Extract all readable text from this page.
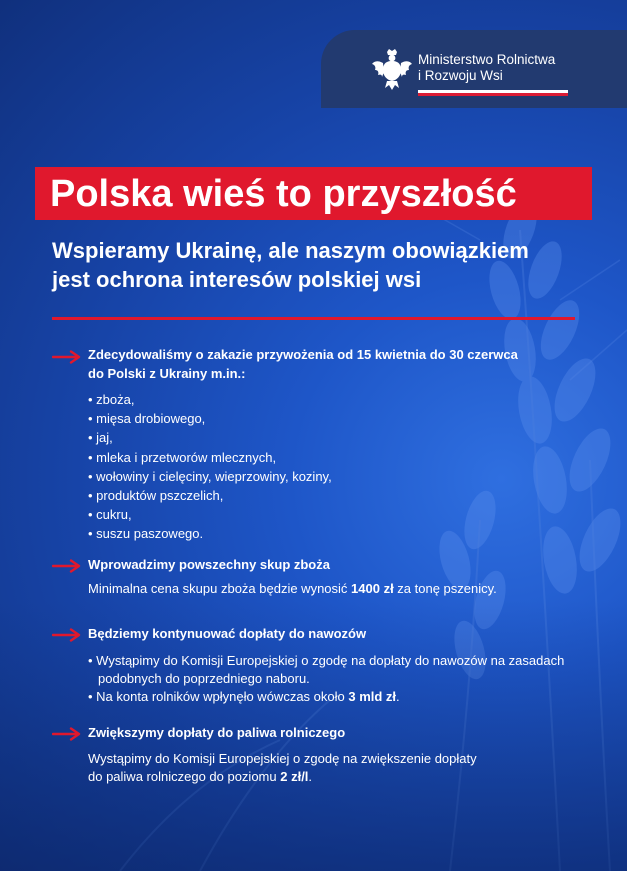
Ministerstwo Rolnictwa
i Rozwoju Wsi
Polska wieś to przyszłość
Wspieramy Ukrainę, ale naszym obowiązkiem
jest ochrona interesów polskiej wsi
Zdecydowaliśmy o zakazie przywożenia od 15 kwietnia do 30 czerwca
do Polski z Ukrainy m.in.:
• zboża,
• mięsa drobiowego,
• jaj,
• mleka i przetworów mlecznych,
• wołowiny i cielęciny, wieprzowiny, koziny,
• produktów pszczelich,
• cukru,
• suszu paszowego.
Wprowadzimy powszechny skup zboża
Minimalna cena skupu zboża będzie wynosić 1400 zł za tonę pszenicy.
Będziemy kontynuować dopłaty do nawozów
• Wystąpimy do Komisji Europejskiej o zgodę na dopłaty do nawozów na zasadach podobnych do poprzedniego naboru.
• Na konta rolników wpłynęło wówczas około 3 mld zł.
Zwiększymy dopłaty do paliwa rolniczego
Wystąpimy do Komisji Europejskiej o zgodę na zwiększenie dopłaty
do paliwa rolniczego do poziomu 2 zł/l.
